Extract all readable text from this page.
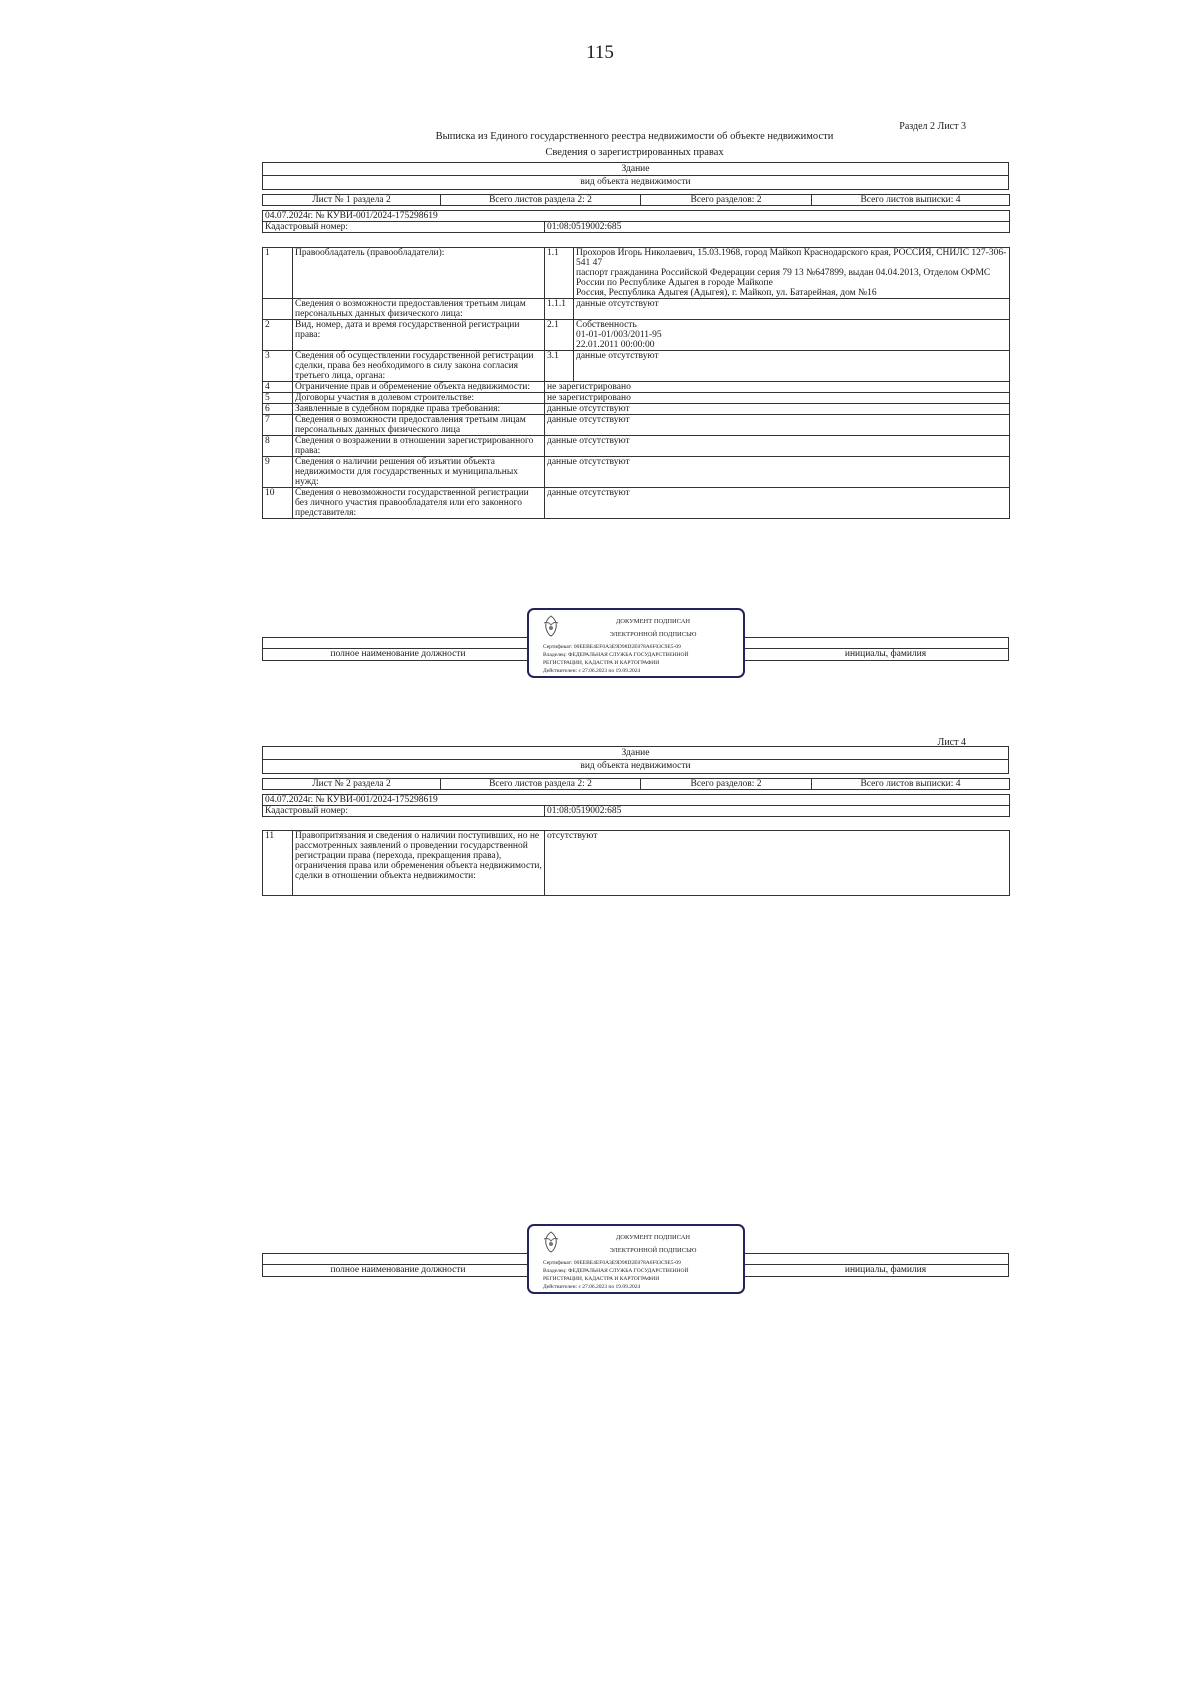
115
Раздел 2 Лист 3
Выписка из Единого государственного реестра недвижимости об объекте недвижимости
Сведения о зарегистрированных правах
Здание
вид объекта недвижимости
Лист № 1 раздела 2	Всего листов раздела 2: 2	Всего разделов: 2	Всего листов выписки: 4
04.07.2024г. № КУВИ-001/2024-175298619
Кадастровый номер:	01:08:0519002:685
1	Правообладатель (правообладатели):	1.1	Прохоров Игорь Николаевич, 15.03.1968, город Майкоп Краснодарского края, РОССИЯ, СНИЛС 127-306-541 47
паспорт гражданина Российской Федерации серия 79 13 №647899, выдан 04.04.2013, Отделом ОФМС России по Республике Адыгея в городе Майкопе
Россия, Республика Адыгея (Адыгея), г. Майкоп, ул. Батарейная, дом №16
	Сведения о возможности предоставления третьим лицам персональных данных физического лица:	1.1.1	данные отсутствуют
2	Вид, номер, дата и время государственной регистрации права:	2.1	Собственность
01-01-01/003/2011-95
22.01.2011 00:00:00
3	Сведения об осуществлении государственной регистрации сделки, права без необходимого в силу закона согласия третьего лица, органа:	3.1	данные отсутствуют
4	Ограничение прав и обременение объекта недвижимости:	не зарегистрировано	
5	Договоры участия в долевом строительстве:	не зарегистрировано	
6	Заявленные в судебном порядке права требования:	данные отсутствуют	
7	Сведения о возможности предоставления третьим лицам персональных данных физического лица	данные отсутствуют	
8	Сведения о возражении в отношении зарегистрированного права:	данные отсутствуют	
9	Сведения о наличии решения об изъятии объекта недвижимости для государственных и муниципальных нужд:	данные отсутствуют	
10	Сведения о невозможности государственной регистрации без личного участия правообладателя или его законного представителя:	данные отсутствуют	
полное наименование должности	инициалы, фамилия
ДОКУМЕНТ ПОДПИСАН
ЭЛЕКТРОННОЙ ПОДПИСЬЮ
Сертификат: 00ЕЕВЕ4EF0A3E9D98D2E078A6F03C9E5-09
Владелец: ФЕДЕРАЛЬНАЯ СЛУЖБА ГОСУДАРСТВЕННОЙ
РЕГИСТРАЦИИ, КАДАСТРА И КАРТОГРАФИИ
Действителен: с 27.06.2023 по 19.09.2024
Лист 4
Здание
вид объекта недвижимости
Лист № 2 раздела 2	Всего листов раздела 2: 2	Всего разделов: 2	Всего листов выписки: 4
04.07.2024г. № КУВИ-001/2024-175298619
Кадастровый номер:	01:08:0519002:685
11	Правопритязания и сведения о наличии поступивших, но не рассмотренных заявлений о проведении государственной регистрации права (перехода, прекращения права), ограничения права или обременения объекта недвижимости, сделки в отношении объекта недвижимости:	отсутствуют
полное наименование должности	инициалы, фамилия
ДОКУМЕНТ ПОДПИСАН
ЭЛЕКТРОННОЙ ПОДПИСЬЮ
Сертификат: 00ЕЕВЕ4EF0A3E9D98D2E078A6F03C9E5-09
Владелец: ФЕДЕРАЛЬНАЯ СЛУЖБА ГОСУДАРСТВЕННОЙ
РЕГИСТРАЦИИ, КАДАСТРА И КАРТОГРАФИИ
Действителен: с 27.06.2023 по 19.09.2024
